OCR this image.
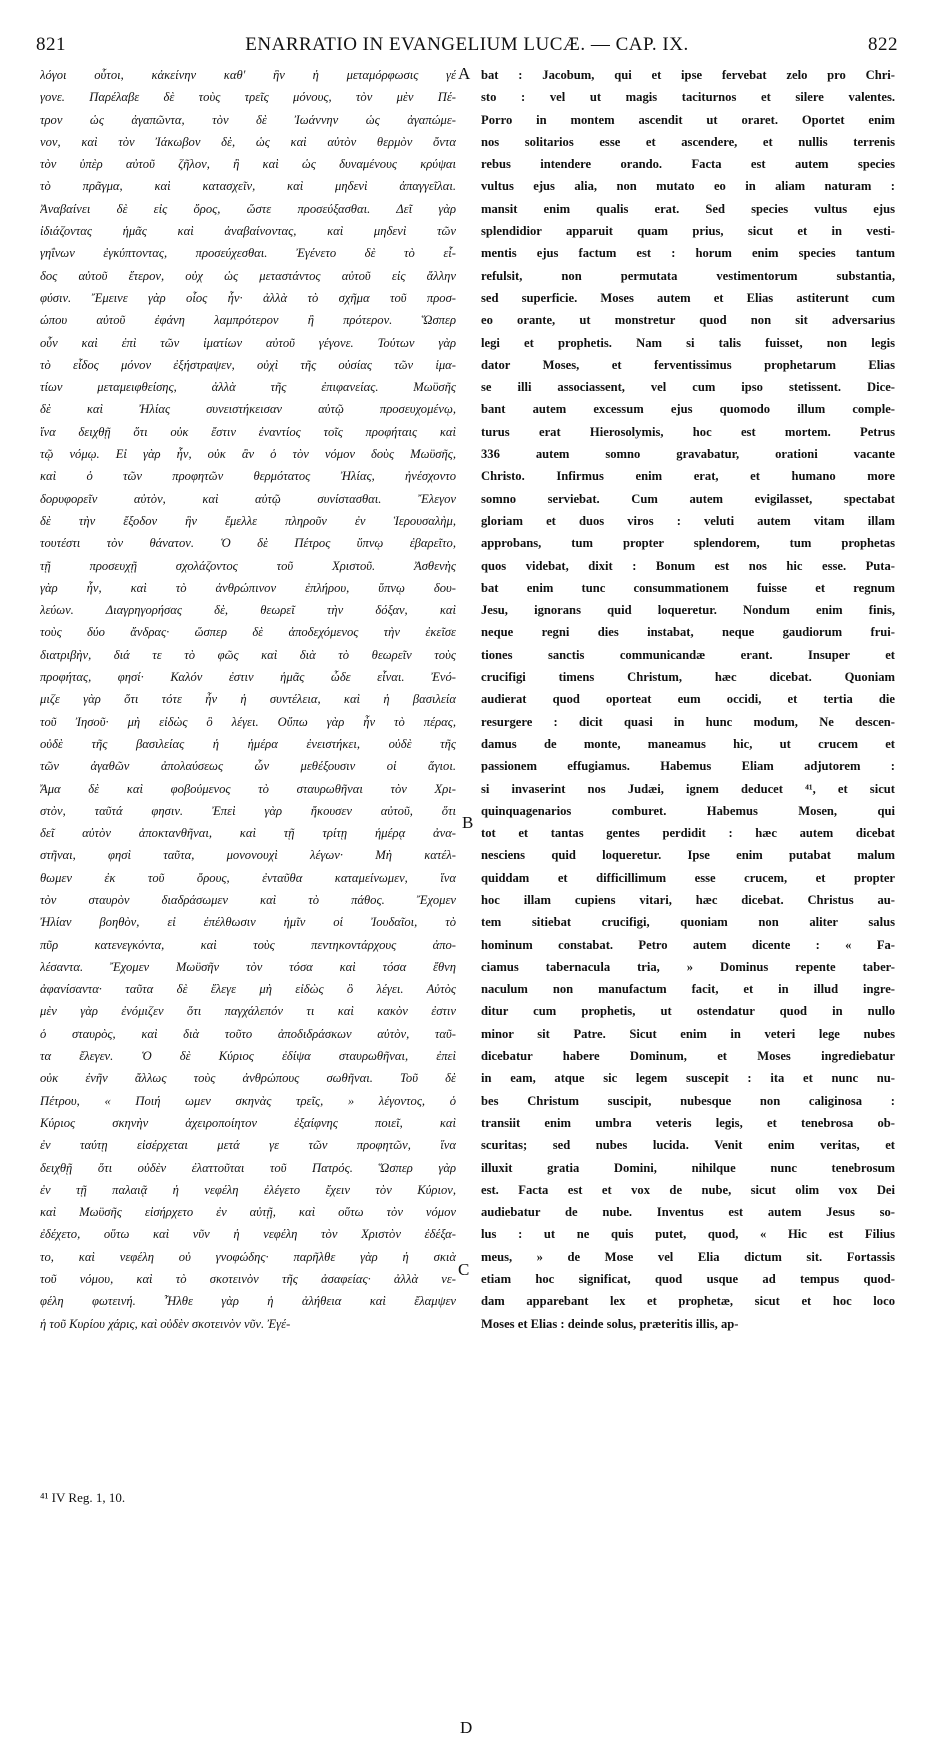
821	ENARRATIO IN EVANGELIUM LUCÆ. — CAP. IX.	822
λόγοι οὗτοι, κἀκείνην καθ' ἣν ἡ μεταμόρφωσις γέ
γονε. Παρέλαβε δὲ τοὺς τρεῖς μόνους, τὸν μὲν Πέ-
τρον ὡς ἀγαπῶντα, τὸν δὲ Ἰωάννην ὡς ἀγαπώμε-
νον, καὶ τὸν Ἰάκωβον δὲ, ὡς καὶ αὐτὸν θερμὸν ὄντα
τὸν ὑπὲρ αὐτοῦ ζῆλον, ἢ καὶ ὡς δυναμένους κρύψαι
τὸ πρᾶγμα, καὶ κατασχεῖν, καὶ μηδενὶ ἀπαγγεῖλαι.
Ἀναβαίνει δὲ εἰς ὄρος, ὥστε προσεύξασθαι. Δεῖ γὰρ
ἰδιάζοντας ἡμᾶς καὶ ἀναβαίνοντας, καὶ μηδενὶ τῶν
γηΐνων ἐγκύπτοντας, προσεύχεσθαι. Ἐγένετο δὲ τὸ εἶ-
δος αὐτοῦ ἕτερον, οὐχ ὡς μεταστάντος αὐτοῦ εἰς ἄλλην
φύσιν. Ἔμεινε γὰρ οἷος ἦν· ἀλλὰ τὸ σχῆμα τοῦ προσ-
ώπου αὐτοῦ ἐφάνη λαμπρότερον ἢ πρότερον. Ὥσπερ
οὖν καὶ ἐπὶ τῶν ἱματίων αὐτοῦ γέγονε. Τούτων γὰρ
τὸ εἶδος μόνον ἐξήστραψεν, οὐχὶ τῆς οὐσίας τῶν ἱμα-
τίων μεταμειφθείσης, ἀλλὰ τῆς ἐπιφανείας. Μωϋσῆς
δὲ καὶ Ἠλίας συνειστήκεισαν αὐτῷ προσευχομένῳ,
ἵνα δειχθῇ ὅτι οὐκ ἔστιν ἐναντίος τοῖς προφήταις καὶ
τῷ νόμῳ. Εἰ γὰρ ἦν, οὐκ ἂν ὁ τὸν νόμον δοὺς Μωϋσῆς,
καὶ ὁ τῶν προφητῶν θερμότατος Ἠλίας, ἠνέσχοντο
δορυφορεῖν αὐτὸν, καὶ αὐτῷ συνίστασθαι. Ἔλεγον
δὲ τὴν ἔξοδον ἣν ἔμελλε πληροῦν ἐν Ἱερουσαλὴμ,
τουτέστι τὸν θάνατον. Ὁ δὲ Πέτρος ὕπνῳ ἐβαρεῖτο,
τῇ προσευχῇ σχολάζοντος τοῦ Χριστοῦ. Ἀσθενὴς
γὰρ ἦν, καὶ τὸ ἀνθρώπινον ἐπλήρου, ὕπνῳ δου-
λεύων. Διαγρηγορήσας δὲ, θεωρεῖ τὴν δόξαν, καὶ
τοὺς δύο ἄνδρας· ὥσπερ δὲ ἀποδεχόμενος τὴν ἐκεῖσε
διατριβὴν, διά τε τὸ φῶς καὶ διὰ τὸ θεωρεῖν τοὺς
προφήτας, φησί· Καλόν ἐστιν ἡμᾶς ὧδε εἶναι. Ἐνό-
μιζε γὰρ ὅτι τότε ἦν ἡ συντέλεια, καὶ ἡ βασιλεία
τοῦ Ἰησοῦ· μὴ εἰδὼς ὃ λέγει. Οὔπω γὰρ ἦν τὸ πέρας,
οὐδὲ τῆς βασιλείας ἡ ἡμέρα ἐνειστήκει, οὐδὲ τῆς
τῶν ἀγαθῶν ἀπολαύσεως ὧν μεθέξουσιν οἱ ἅγιοι.
Ἅμα δὲ καὶ φοβούμενος τὸ σταυρωθῆναι τὸν Χρι-
στὸν, ταῦτά φησιν. Ἐπεὶ γὰρ ἤκουσεν αὐτοῦ, ὅτι
δεῖ αὐτὸν ἀποκτανθῆναι, καὶ τῇ τρίτῃ ἡμέρᾳ ἀνα-
στῆναι, φησὶ ταῦτα, μονονουχὶ λέγων· Μὴ κατέλ-
θωμεν ἐκ τοῦ ὄρους, ἐνταῦθα καταμείνωμεν, ἵνα
τὸν σταυρὸν διαδράσωμεν καὶ τὸ πάθος. Ἔχομεν
Ἠλίαν βοηθὸν, εἰ ἐπέλθωσιν ἡμῖν οἱ Ἰουδαῖοι, τὸ
πῦρ κατενεγκόντα, καὶ τοὺς πεντηκοντάρχους ἀπο-
λέσαντα. Ἔχομεν Μωϋσῆν τὸν τόσα καὶ τόσα ἔθνη
ἀφανίσαντα· ταῦτα δὲ ἔλεγε μὴ εἰδὼς ὃ λέγει. Αὐτὸς
μὲν γὰρ ἐνόμιζεν ὅτι παγχάλεπόν τι καὶ κακὸν ἐστιν
ὁ σταυρὸς, καὶ διὰ τοῦτο ἀποδιδράσκων αὐτὸν, ταῦ-
τα ἔλεγεν. Ὁ δὲ Κύριος ἐδίψα σταυρωθῆναι, ἐπεὶ
οὐκ ἐνῆν ἄλλως τοὺς ἀνθρώπους σωθῆναι. Τοῦ δὲ
Πέτρου, « Ποιή ωμεν σκηνὰς τρεῖς, » λέγοντος, ὁ
Κύριος σκηνὴν ἀχειροποίητον ἐξαίφνης ποιεῖ, καὶ
ἐν ταύτῃ εἰσέρχεται μετά γε τῶν προφητῶν, ἵνα
δειχθῇ ὅτι οὐδὲν ἐλαττοῦται τοῦ Πατρός. Ὥσπερ γὰρ
ἐν τῇ παλαιᾷ ἡ νεφέλη ἐλέγετο ἔχειν τὸν Κύριον,
καὶ Μωϋσῆς εἰσήρχετο ἐν αὐτῇ, καὶ οὕτω τὸν νόμον
ἐδέχετο, οὕτω καὶ νῦν ἡ νεφέλη τὸν Χριστὸν ἐδέξα-
το, καὶ νεφέλη οὐ γνοφώδης· παρῆλθε γὰρ ἡ σκιὰ
τοῦ νόμου, καὶ τὸ σκοτεινὸν τῆς ἀσαφείας· ἀλλὰ νε-
φέλη φωτεινή. Ἦλθε γὰρ ἡ ἀλήθεια καὶ ἔλαμψεν
ἡ τοῦ Κυρίου χάρις, καὶ οὐδὲν σκοτεινὸν νῦν. Ἐγέ-
bat : Jacobum, qui et ipse fervebat zelo pro Chri-
sto : vel ut magis taciturnos et silere valentes.
Porro in montem ascendit ut oraret. Oportet enim
nos solitarios esse et ascendere, et nullis terrenis
rebus intendere orando. Facta est autem species
vultus ejus alia, non mutato eo in aliam naturam :
mansit enim qualis erat. Sed species vultus ejus
splendidior apparuit quam prius, sicut et in vesti-
mentis ejus factum est : horum enim species tantum
refulsit, non permutata vestimentorum substantia,
sed superficie. Moses autem et Elias astiterunt cum
eo orante, ut monstretur quod non sit adversarius
legi et prophetis. Nam si talis fuisset, non legis
dator Moses, et ferventissimus prophetarum Elias
se illi associassent, vel cum ipso stetissent. Dice-
bant autem excessum ejus quomodo illum comple-
turus erat Hierosolymis, hoc est mortem. Petrus
336 autem somno gravabatur, orationi vacante
Christo. Infirmus enim erat, et humano more
somno serviebat. Cum autem evigilasset, spectabat
gloriam et duos viros : veluti autem vitam illam
approbans, tum propter splendorem, tum prophetas
quos videbat, dixit : Bonum est nos hic esse. Puta-
bat enim tunc consummationem fuisse et regnum
Jesu, ignorans quid loqueretur. Nondum enim finis,
neque regni dies instabat, neque gaudiorum frui-
tiones sanctis communicandæ erant. Insuper et
crucifigi timens Christum, hæc dicebat. Quoniam
audierat quod oporteat eum occidi, et tertia die
resurgere : dicit quasi in hunc modum, Ne descen-
damus de monte, maneamus hic, ut crucem et
passionem effugiamus. Habemus Eliam adjutorem :
si invaserint nos Judæi, ignem deducet ⁴¹, et sicut
quinquagenarios comburet. Habemus Mosen, qui
tot et tantas gentes perdidit : hæc autem dicebat
nesciens quid loqueretur. Ipse enim putabat malum
quiddam et difficillimum esse crucem, et propter
hoc illam cupiens vitari, hæc dicebat. Christus au-
tem sitiebat crucifigi, quoniam non aliter salus
hominum constabat. Petro autem dicente : « Fa-
ciamus tabernacula tria, » Dominus repente taber-
naculum non manufactum facit, et in illud ingre-
ditur cum prophetis, ut ostendatur quod in nullo
minor sit Patre. Sicut enim in veteri lege nubes
dicebatur habere Dominum, et Moses ingrediebatur
in eam, atque sic legem suscepit : ita et nunc nu-
bes Christum suscipit, nubesque non caliginosa :
transiit enim umbra veteris legis, et tenebrosa ob-
scuritas; sed nubes lucida. Venit enim veritas, et
illuxit gratia Domini, nihilque nunc tenebrosum
est. Facta est et vox de nube, sicut olim vox Dei
audiebatur de nube. Inventus est autem Jesus so-
lus : ut ne quis putet, quod, « Hic est Filius
meus, » de Mose vel Elia dictum sit. Fortassis
etiam hoc significat, quod usque ad tempus quod-
dam apparebant lex et prophetæ, sicut et hoc loco
Moses et Elias : deinde solus, præteritis illis, ap-
A
B
C
D
⁴¹ IV Reg. 1, 10.
